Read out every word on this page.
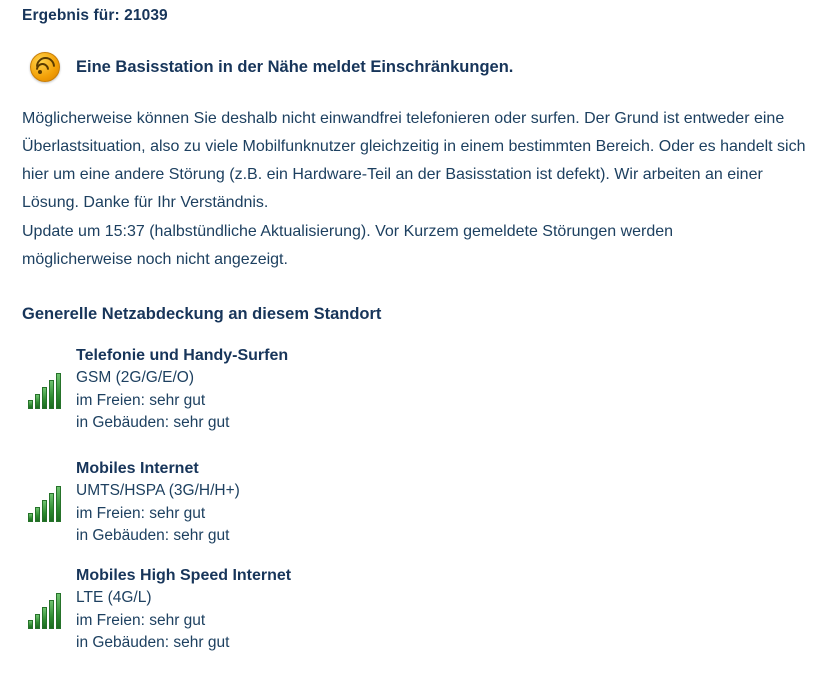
Ergebnis für: 21039
Eine Basisstation in der Nähe meldet Einschränkungen.
Möglicherweise können Sie deshalb nicht einwandfrei telefonieren oder surfen. Der Grund ist entweder eine Überlastsituation, also zu viele Mobilfunknutzer gleichzeitig in einem bestimmten Bereich. Oder es handelt sich hier um eine andere Störung (z.B. ein Hardware-Teil an der Basisstation ist defekt). Wir arbeiten an einer Lösung. Danke für Ihr Verständnis.
Update um 15:37 (halbstündliche Aktualisierung). Vor Kurzem gemeldete Störungen werden möglicherweise noch nicht angezeigt.
Generelle Netzabdeckung an diesem Standort
Telefonie und Handy-Surfen
GSM (2G/G/E/O)
im Freien: sehr gut
in Gebäuden: sehr gut
Mobiles Internet
UMTS/HSPA (3G/H/H+)
im Freien: sehr gut
in Gebäuden: sehr gut
Mobiles High Speed Internet
LTE (4G/L)
im Freien: sehr gut
in Gebäuden: sehr gut
